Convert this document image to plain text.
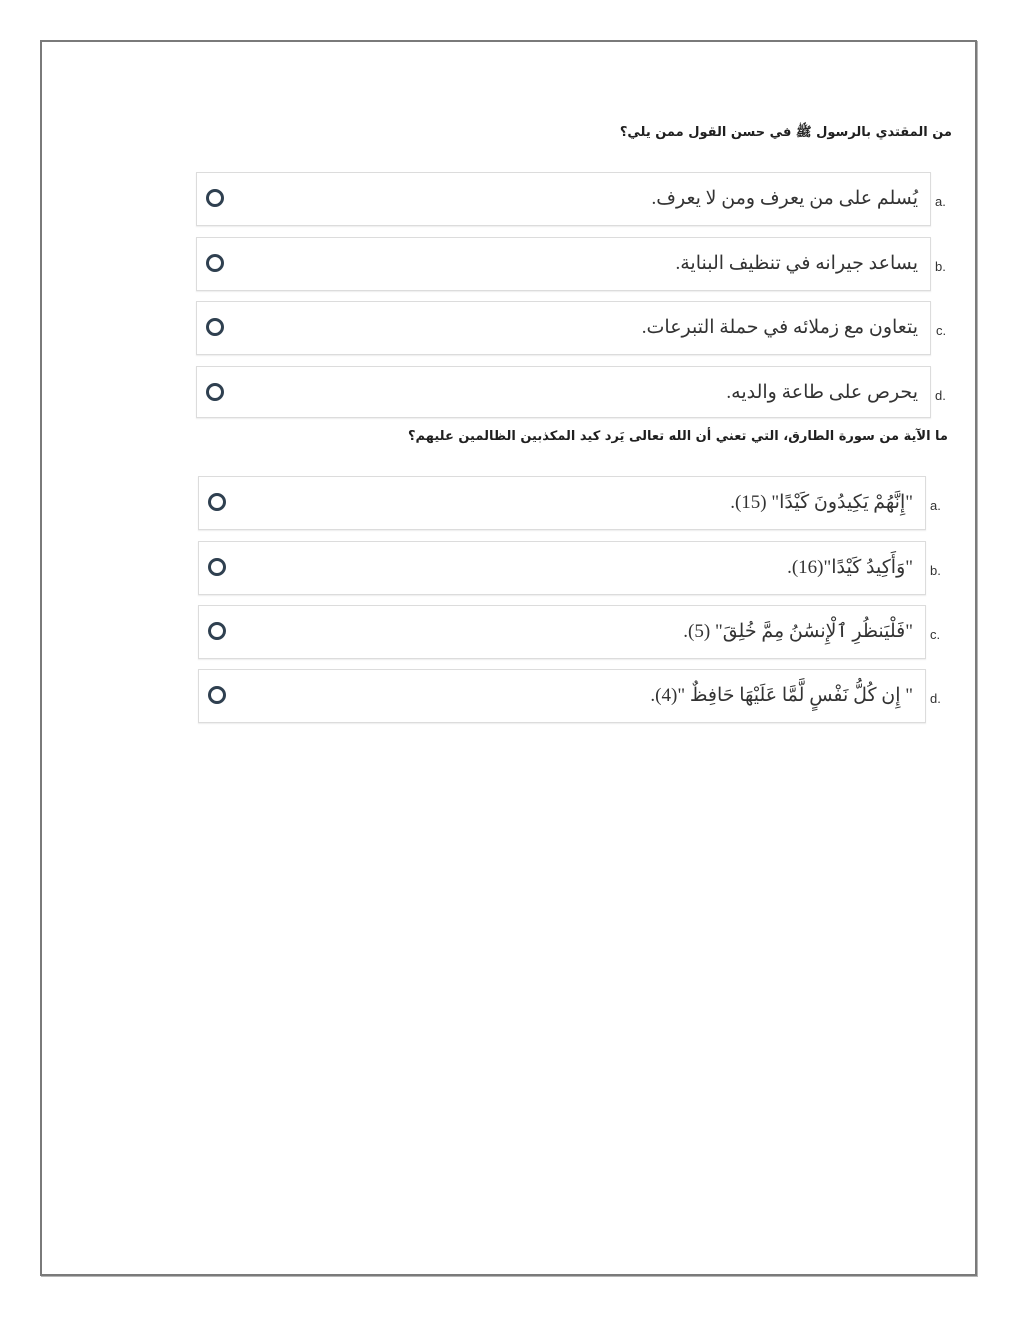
من المقتدي بالرسول ﷺ في حسن القول ممن يلي؟
يُسلم على من يعرف ومن لا يعرف. a.
يساعد جيرانه في تنظيف البناية. b.
يتعاون مع زملائه في حملة التبرعات. c.
يحرص على طاعة والديه. d.
ما الآية من سورة الطارق، التي تعني أن الله تعالى يَرد كيد المكذبين الظالمين عليهم؟
"إِنَّهُمْ يَكِيدُونَ كَيْدًا" (15). a.
"وَأَكِيدُ كَيْدًا"(16). b.
"فَلْيَنظُرِ ٱلْإِنسَٰنُ مِمَّ خُلِقَ" (5). c.
" إِن كُلُّ نَفْسٍ لَّمَّا عَلَيْهَا حَافِظٌ "(4). d.
